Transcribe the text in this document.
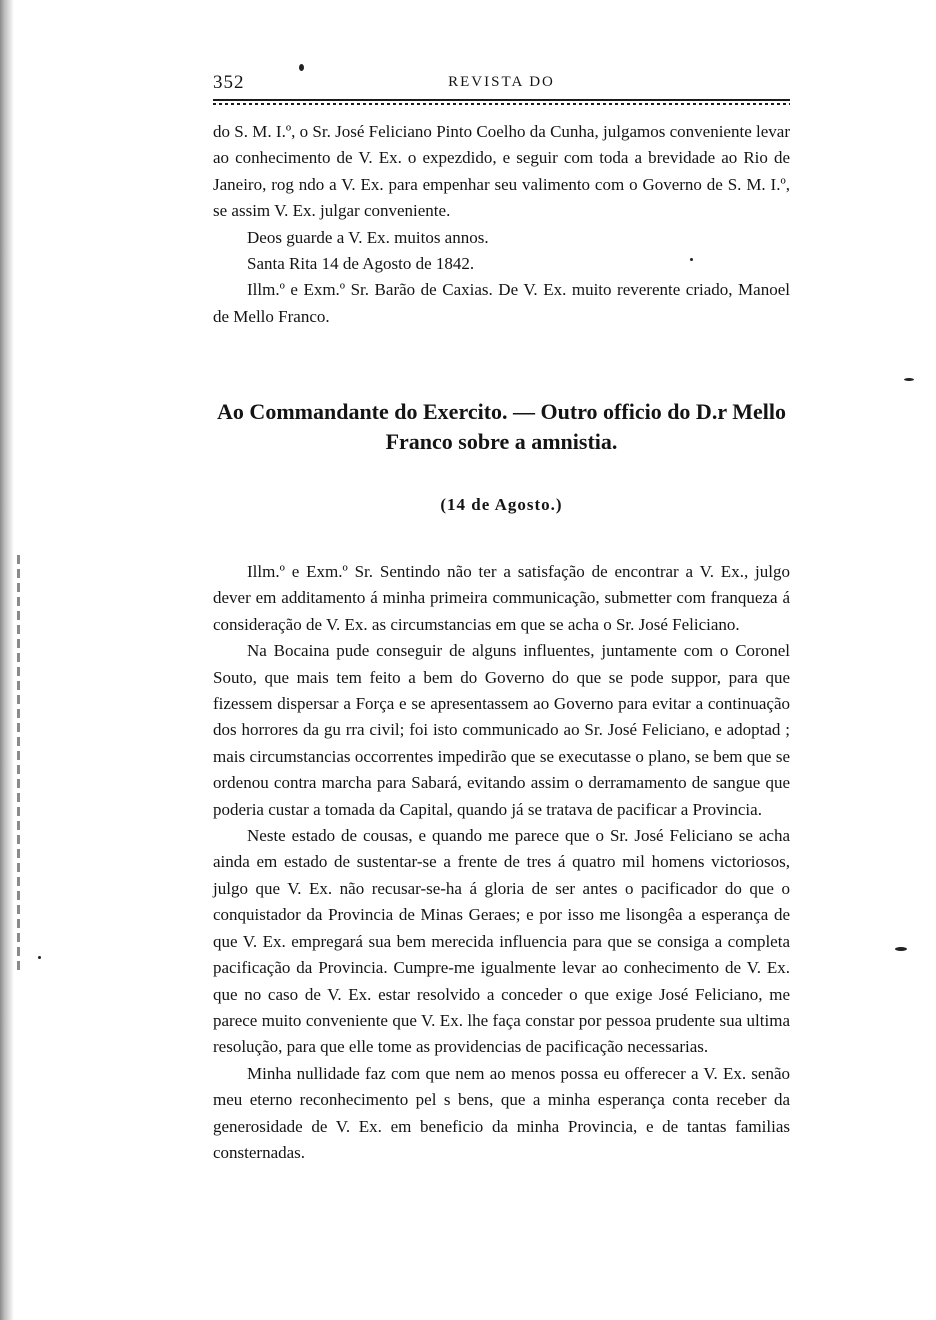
352	REVISTA DO

do S. M. I.º, o Sr. José Feliciano Pinto Coelho da Cunha, julgamos conveniente levar ao conhecimento de V. Ex. o expezdido, e seguir com toda a brevidade ao Rio de Janeiro, rog ndo a V. Ex. para empenhar seu valimento com o Governo de S. M. I.º, se assim V. Ex. julgar conveniente.

Deos guarde a V. Ex. muitos annos.
Santa Rita 14 de Agosto de 1842.

Illm.º e Exm.º Sr. Barão de Caxias. De V. Ex. muito reverente criado, Manoel de Mello Franco.

Ao Commandante do Exercito. — Outro officio do D.r Mello Franco sobre a amnistia.
(14 de Agosto.)

Illm.º e Exm.º Sr. Sentindo não ter a satisfação de encontrar a V. Ex., julgo dever em additamento á minha primeira communicação, submetter com franqueza á consideração de V. Ex. as circumstancias em que se acha o Sr. José Feliciano.

Na Bocaina pude conseguir de alguns influentes, juntamente com o Coronel Souto, que mais tem feito a bem do Governo do que se pode suppor, para que fizessem dispersar a Força e se apresentassem ao Governo para evitar a continuação dos horrores da gu rra civil; foi isto communicado ao Sr. José Feliciano, e adoptad ; mais circumstancias occorrentes impedirão que se executasse o plano, se bem que se ordenou contra marcha para Sabará, evitando assim o derramamento de sangue que poderia custar a tomada da Capital, quando já se tratava de pacificar a Provincia.

Neste estado de cousas, e quando me parece que o Sr. José Feliciano se acha ainda em estado de sustentar-se a frente de tres á quatro mil homens victoriosos, julgo que V. Ex. não recusar-se-ha á gloria de ser antes o pacificador do que o conquistador da Provincia de Minas Geraes; e por isso me lisongêa a esperança de que V. Ex. empregará sua bem merecida influencia para que se consiga a completa pacificação da Provincia. Cumpre-me igualmente levar ao conhecimento de V. Ex. que no caso de V. Ex. estar resolvido a conceder o que exige José Feliciano, me parece muito conveniente que V. Ex. lhe faça constar por pessoa prudente sua ultima resolução, para que elle tome as providencias de pacificação necessarias.

Minha nullidade faz com que nem ao menos possa eu offerecer a V. Ex. senão meu eterno reconhecimento pel s bens, que a minha esperança conta receber da generosidade de V. Ex. em beneficio da minha Provincia, e de tantas familias consternadas.
